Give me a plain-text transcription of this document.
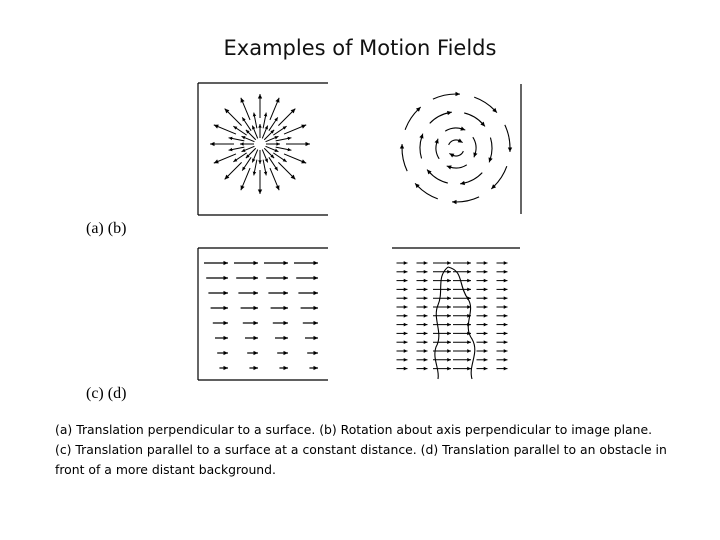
Examples of Motion Fields
(a) (b)
(c) (d)
(a) Translation perpendicular to a surface. (b) Rotation about axis perpendicular to image plane. (c) Translation parallel to a surface at a constant distance. (d) Translation parallel to an obstacle in front of a more distant background.
